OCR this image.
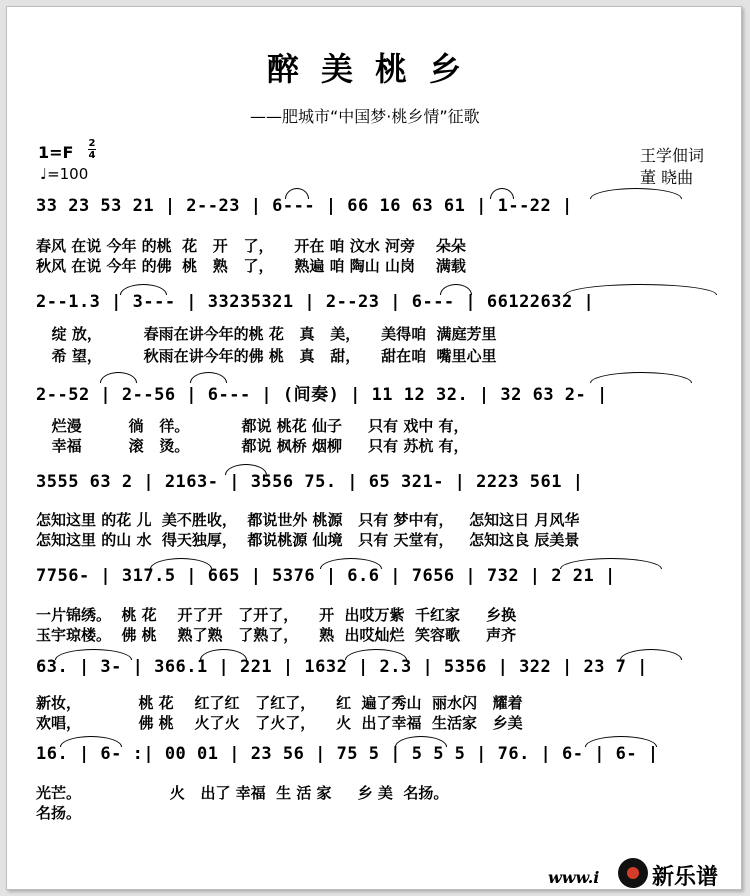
醉美桃乡
——肥城市“中国梦·桃乡情”征歌
1=F 2
4
♩=100
王学佃词
董 晓曲
33 23 53 21 | 2--23 | 6--- | 66 16 63 61 | 1--22 |
春风 在说 今年 的桃  花   开   了，    开在 咱 汶水 河旁    朵朵
秋风 在说 今年 的佛  桃   熟   了，    熟遍 咱 陶山 山岗    满载
2--1.3 | 3--- | 33235321 | 2--23 | 6--- | 66122632 |
绽 放，        春雨在讲今年的桃 花   真   美，    美得咱  满庭芳里
希 望，        秋雨在讲今年的佛 桃   真   甜，    甜在咱  嘴里心里
2--52 | 2--56 | 6--- | (间奏) | 11 12 32. | 32 63 2- |
烂漫         徜   徉。          都说 桃花 仙子     只有 戏中 有，
幸福         滚   烫。          都说 枫桥 烟柳     只有 苏杭 有，
3555 63 2 | 2163- | 3556 75. | 65 321- | 2223 561 |
怎知这里 的花 儿  美不胜收，  都说世外 桃源   只有 梦中有，   怎知这日 月风华
怎知这里 的山 水  得天独厚，  都说桃源 仙境   只有 天堂有，   怎知这良 辰美景
7756- | 317.5 | 665 | 5376 | 6.6 | 7656 | 732 | 2 21 |
一片锦绣。  桃 花    开了开   了开了，    开  出哎万紫  千红家     乡换
玉宇琼楼。  佛 桃    熟了熟   了熟了，    熟  出哎灿烂  笑容歌     声齐
63. | 3- | 366.1 | 221 | 1632 | 2.3 | 5356 | 322 | 23 7 |
新妆，           桃 花    红了红   了红了，    红  遍了秀山  丽水闪   耀着
欢唱，           佛 桃    火了火   了火了，    火  出了幸福  生活家   乡美
16. | 6- :| 00 01 | 23 56 | 75 5 | 5 5 5 | 76. | 6- | 6- |
光芒。                 火   出了 幸福  生 活 家     乡 美  名扬。
名扬。
www.i 新乐谱
